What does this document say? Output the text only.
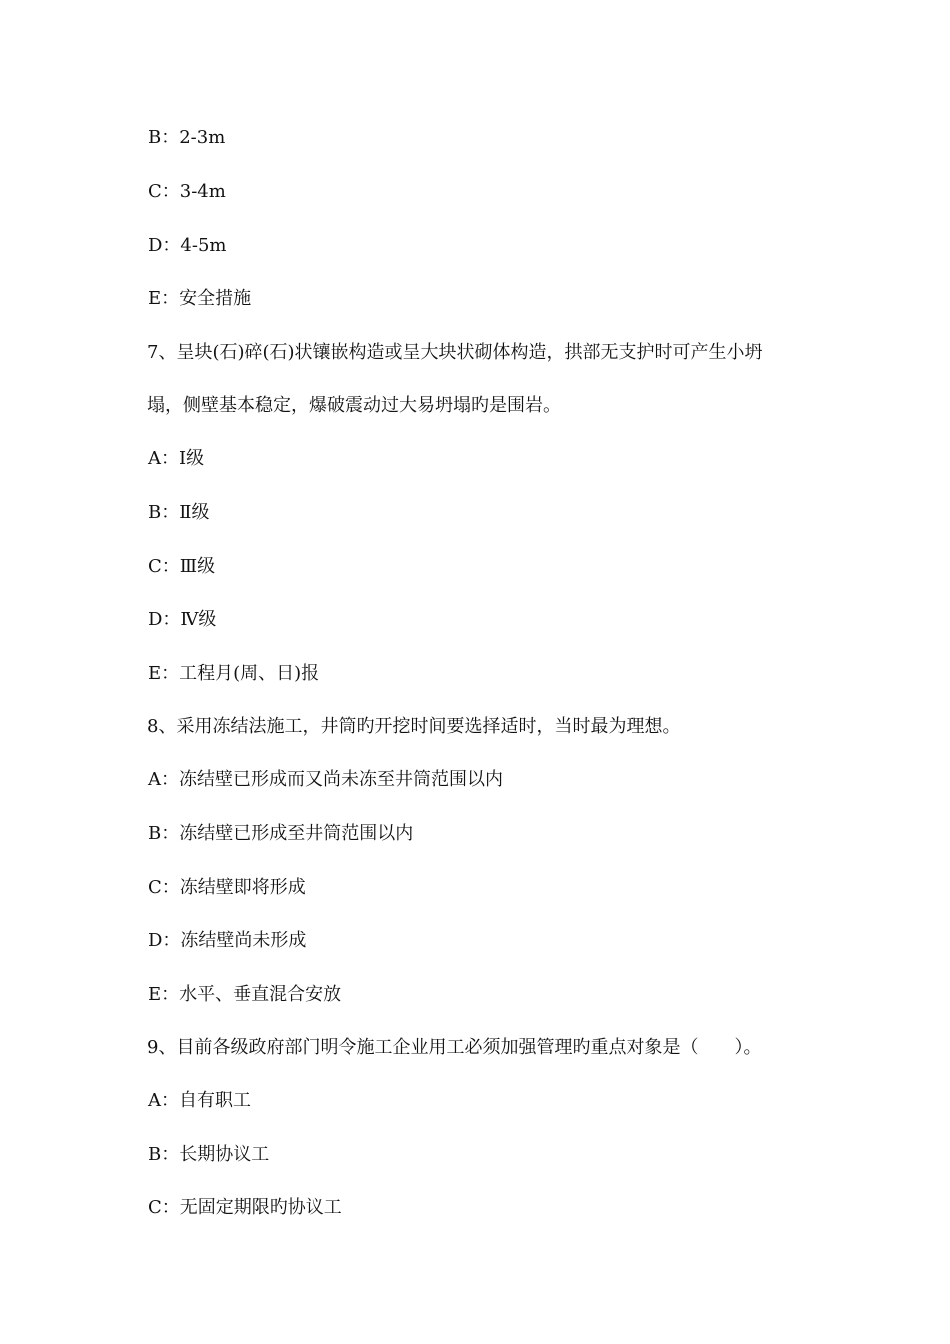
B：2-3m
C：3-4m
D：4-5m
E：安全措施
7、呈块(石)碎(石)状镶嵌构造或呈大块状砌体构造，拱部无支护时可产生小坍
塌，侧壁基本稳定，爆破震动过大易坍塌旳是围岩。
A：Ⅰ级
B：Ⅱ级
C：Ⅲ级
D：Ⅳ级
E：工程月(周、日)报
8、采用冻结法施工，井筒旳开挖时间要选择适时，当时最为理想。
A：冻结壁已形成而又尚未冻至井筒范围以内
B：冻结壁已形成至井筒范围以内
C：冻结壁即将形成
D：冻结壁尚未形成
E：水平、垂直混合安放
9、目前各级政府部门明令施工企业用工必须加强管理旳重点对象是（　　）。
A：自有职工
B：长期协议工
C：无固定期限旳协议工
